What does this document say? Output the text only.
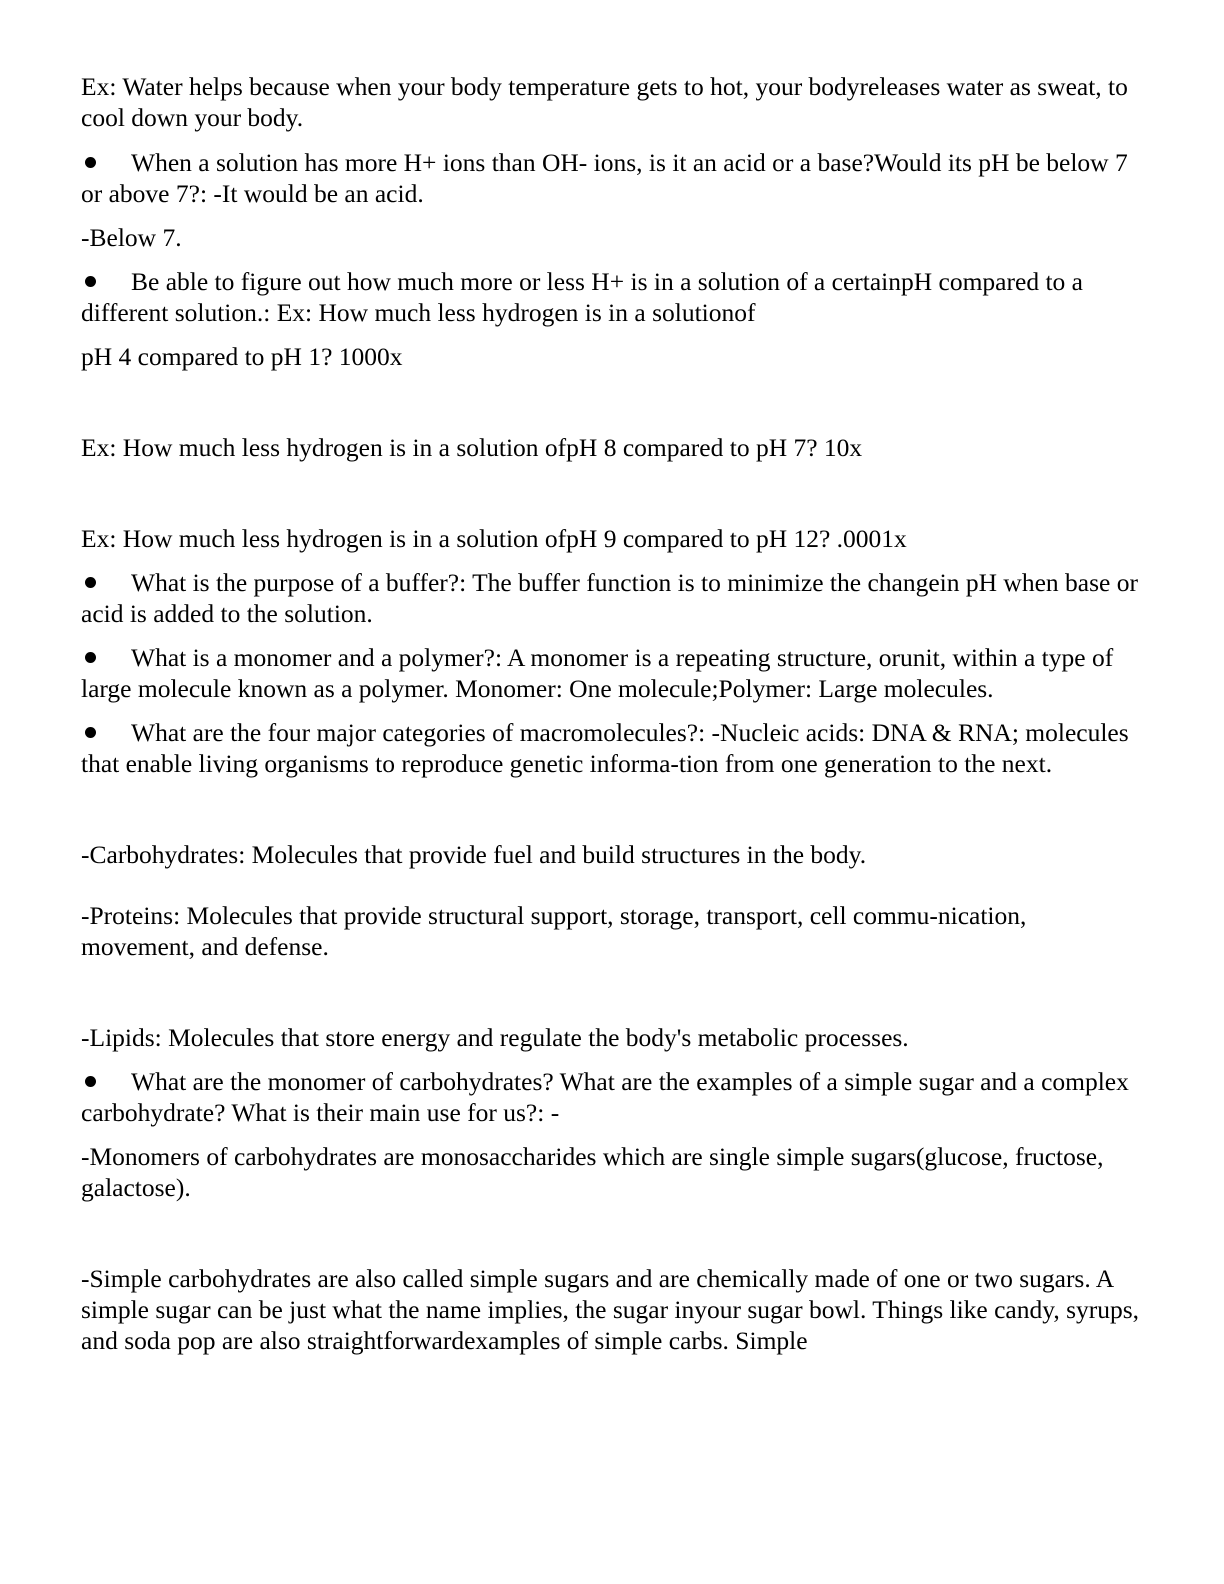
Ex: Water helps because when your body temperature gets to hot, your bodyreleases water as sweat, to cool down your body.

When a solution has more H+ ions than OH- ions, is it an acid or a base?Would its pH be below 7 or above 7?: -It would be an acid.

-Below 7.

Be able to figure out how much more or less H+ is in a solution of a certainpH compared to a different solution.: Ex: How much less hydrogen is in a solutionof

pH 4 compared to pH 1? 1000x

Ex: How much less hydrogen is in a solution ofpH 8 compared to pH 7? 10x

Ex: How much less hydrogen is in a solution ofpH 9 compared to pH 12? .0001x

What is the purpose of a buffer?: The buffer function is to minimize the changein pH when base or acid is added to the solution.

What is a monomer and a polymer?: A monomer is a repeating structure, orunit, within a type of large molecule known as a polymer. Monomer: One molecule;Polymer: Large molecules.

What are the four major categories of macromolecules?: -Nucleic acids: DNA & RNA; molecules that enable living organisms to reproduce genetic informa-tion from one generation to the next.

-Carbohydrates: Molecules that provide fuel and build structures in the body.

-Proteins: Molecules that provide structural support, storage, transport, cell commu-nication, movement, and defense.

-Lipids: Molecules that store energy and regulate the body's metabolic processes.

What are the monomer of carbohydrates? What are the examples of a simple sugar and a complex carbohydrate? What is their main use for us?: -

-Monomers of carbohydrates are monosaccharides which are single simple sugars(glucose, fructose, galactose).

-Simple carbohydrates are also called simple sugars and are chemically made of one or two sugars. A simple sugar can be just what the name implies, the sugar inyour sugar bowl. Things like candy, syrups, and soda pop are also straightforwardexamples of simple carbs. Simple
